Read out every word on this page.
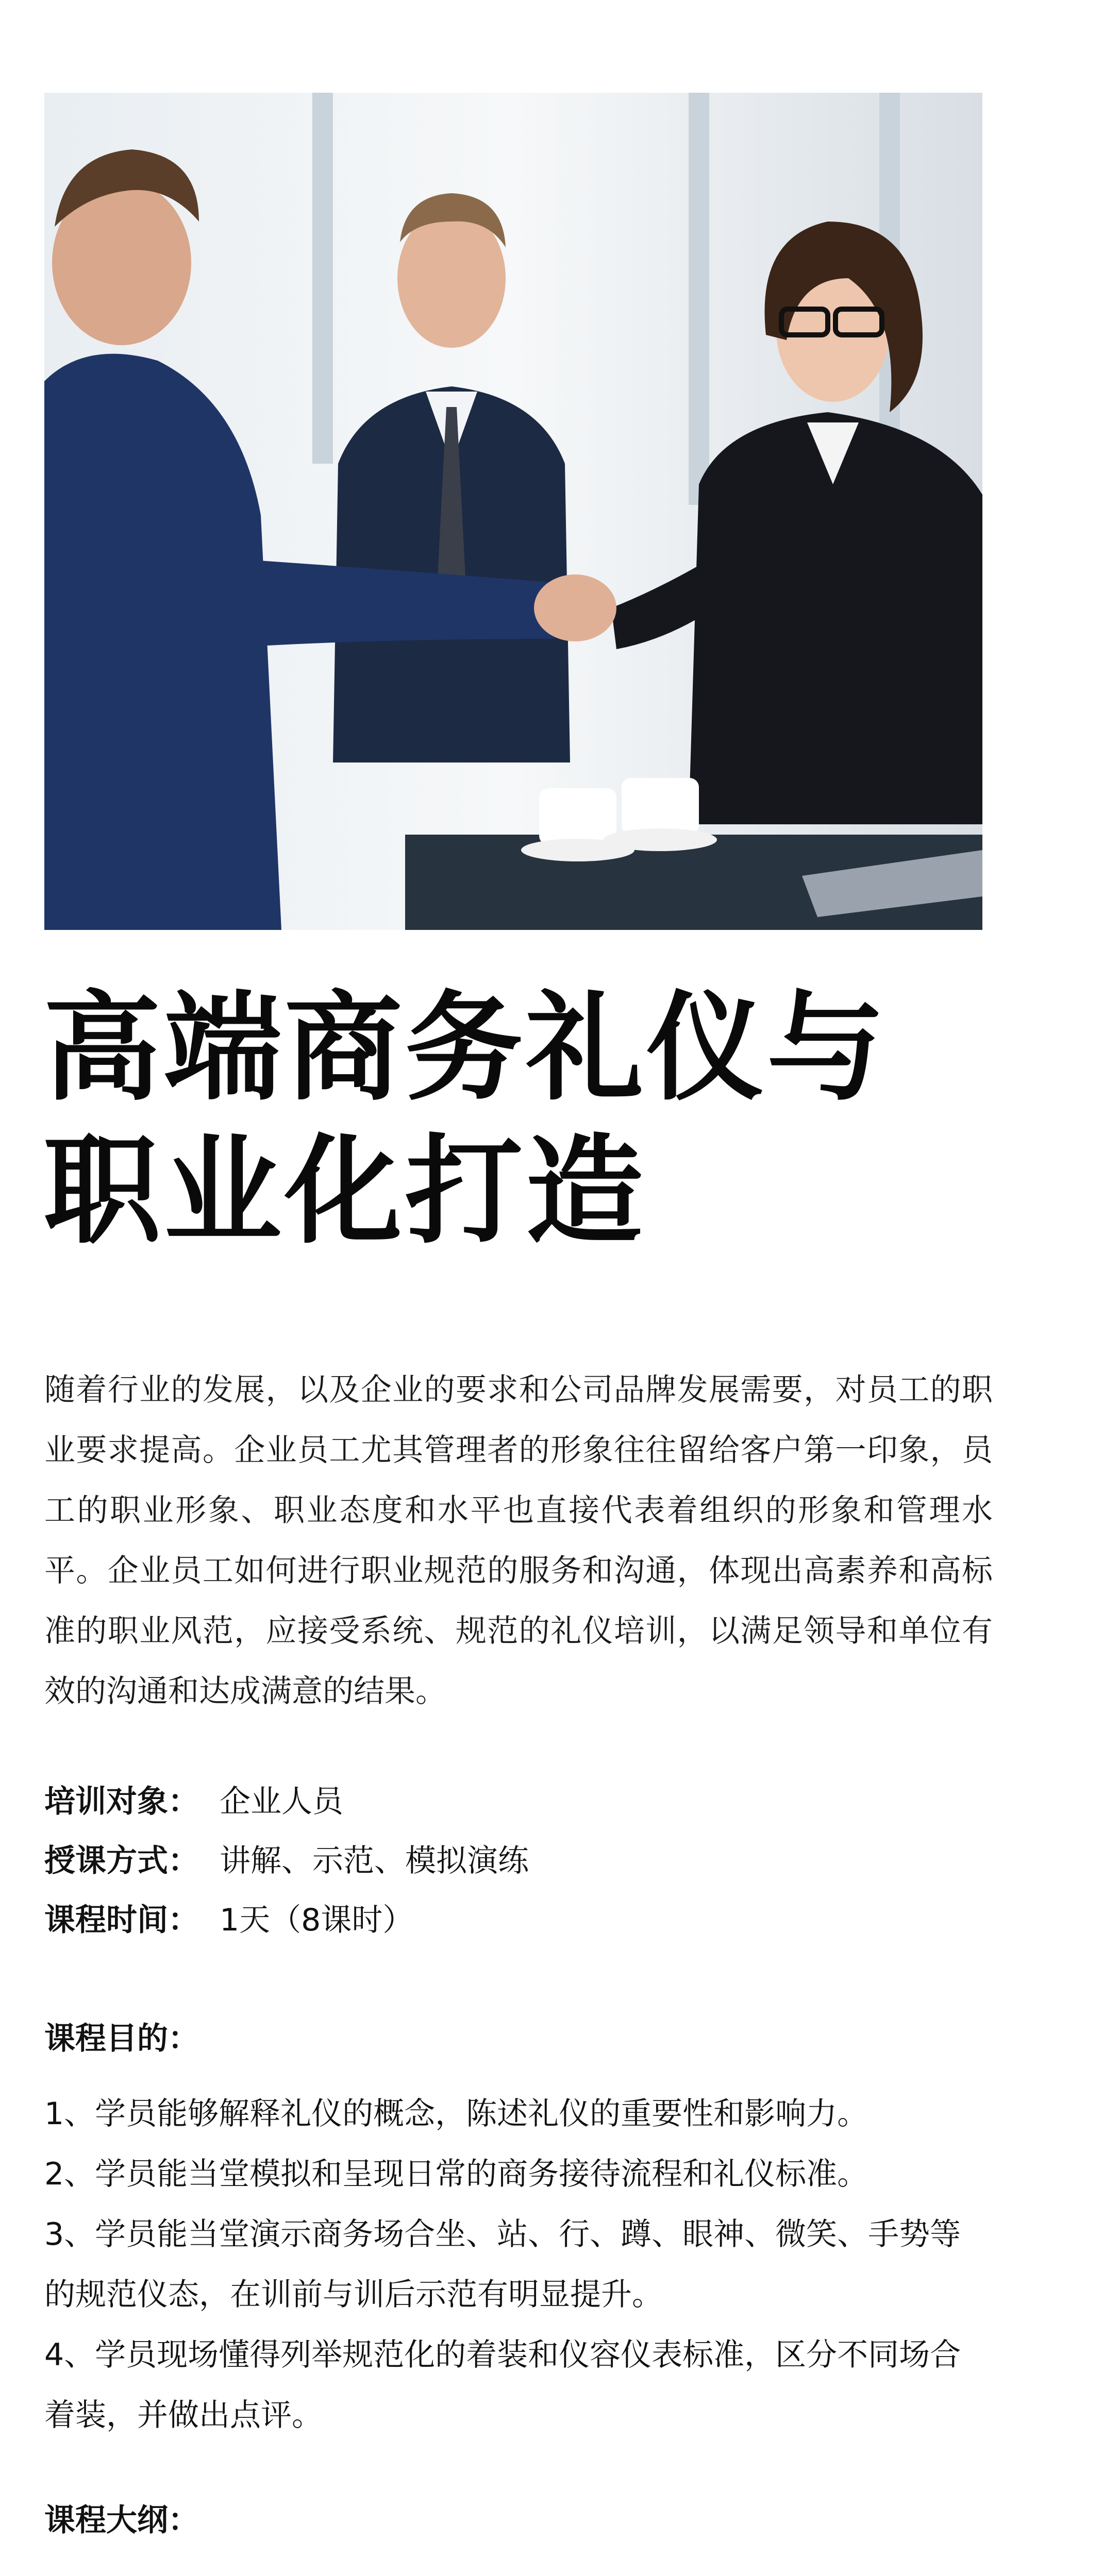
高端商务礼仪与
职业化打造

随着行业的发展，以及企业的要求和公司品牌发展需要，对员工的职业要求提高。企业员工尤其管理者的形象往往留给客户第一印象，员工的职业形象、职业态度和水平也直接代表着组织的形象和管理水平。企业员工如何进行职业规范的服务和沟通，体现出高素养和高标准的职业风范，应接受系统、规范的礼仪培训，以满足领导和单位有效的沟通和达成满意的结果。

培训对象： 企业人员
授课方式： 讲解、示范、模拟演练
课程时间： 1天（8课时）
课程目的：

1、学员能够解释礼仪的概念，陈述礼仪的重要性和影响力。

2、学员能当堂模拟和呈现日常的商务接待流程和礼仪标准。

3、学员能当堂演示商务场合坐、站、行、蹲、眼神、微笑、手势等的规范仪态，在训前与训后示范有明显提升。

4、学员现场懂得列举规范化的着装和仪容仪表标准，区分不同场合着装，并做出点评。

课程大纲：
